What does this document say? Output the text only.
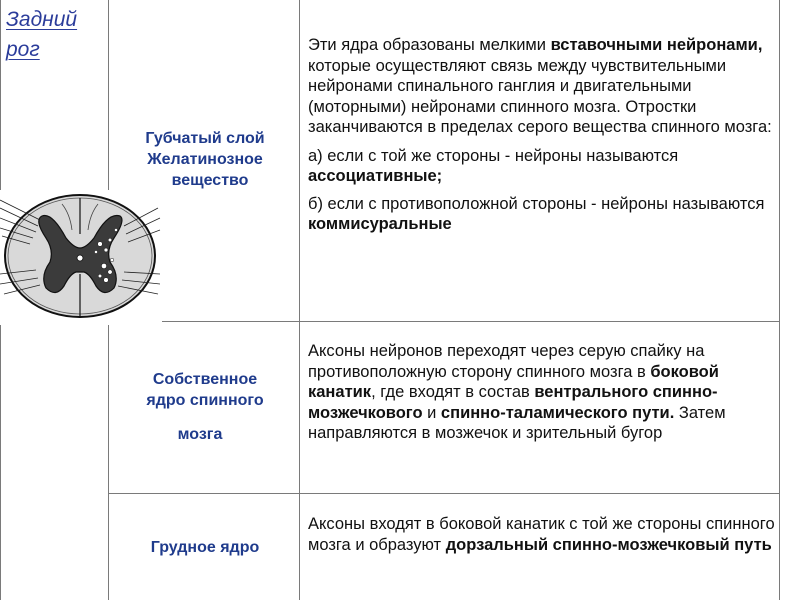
Задний рог
Губчатый слой
Желатинозное
вещество

Эти ядра образованы мелкими вставочными нейронами, которые осуществляют связь между чувствительными нейронами спинального ганглия и двигательными (моторными) нейронами спинного мозга. Отростки заканчиваются в пределах серого вещества спинного мозга:

а) если с той же стороны - нейроны называются ассоциативные;

б) если с противоположной стороны - нейроны называются коммисуральные

Собственное
ядро спинного
мозга

Аксоны нейронов переходят через серую спайку на противоположную сторону спинного мозга в боковой канатик, где входят в состав вентрального спинно-мозжечкового и спинно-таламического пути. Затем направляются в мозжечок и зрительный бугор

Грудное ядро

Аксоны входят в боковой канатик с той же стороны спинного мозга и образуют дорзальный спинно-мозжечковый путь
